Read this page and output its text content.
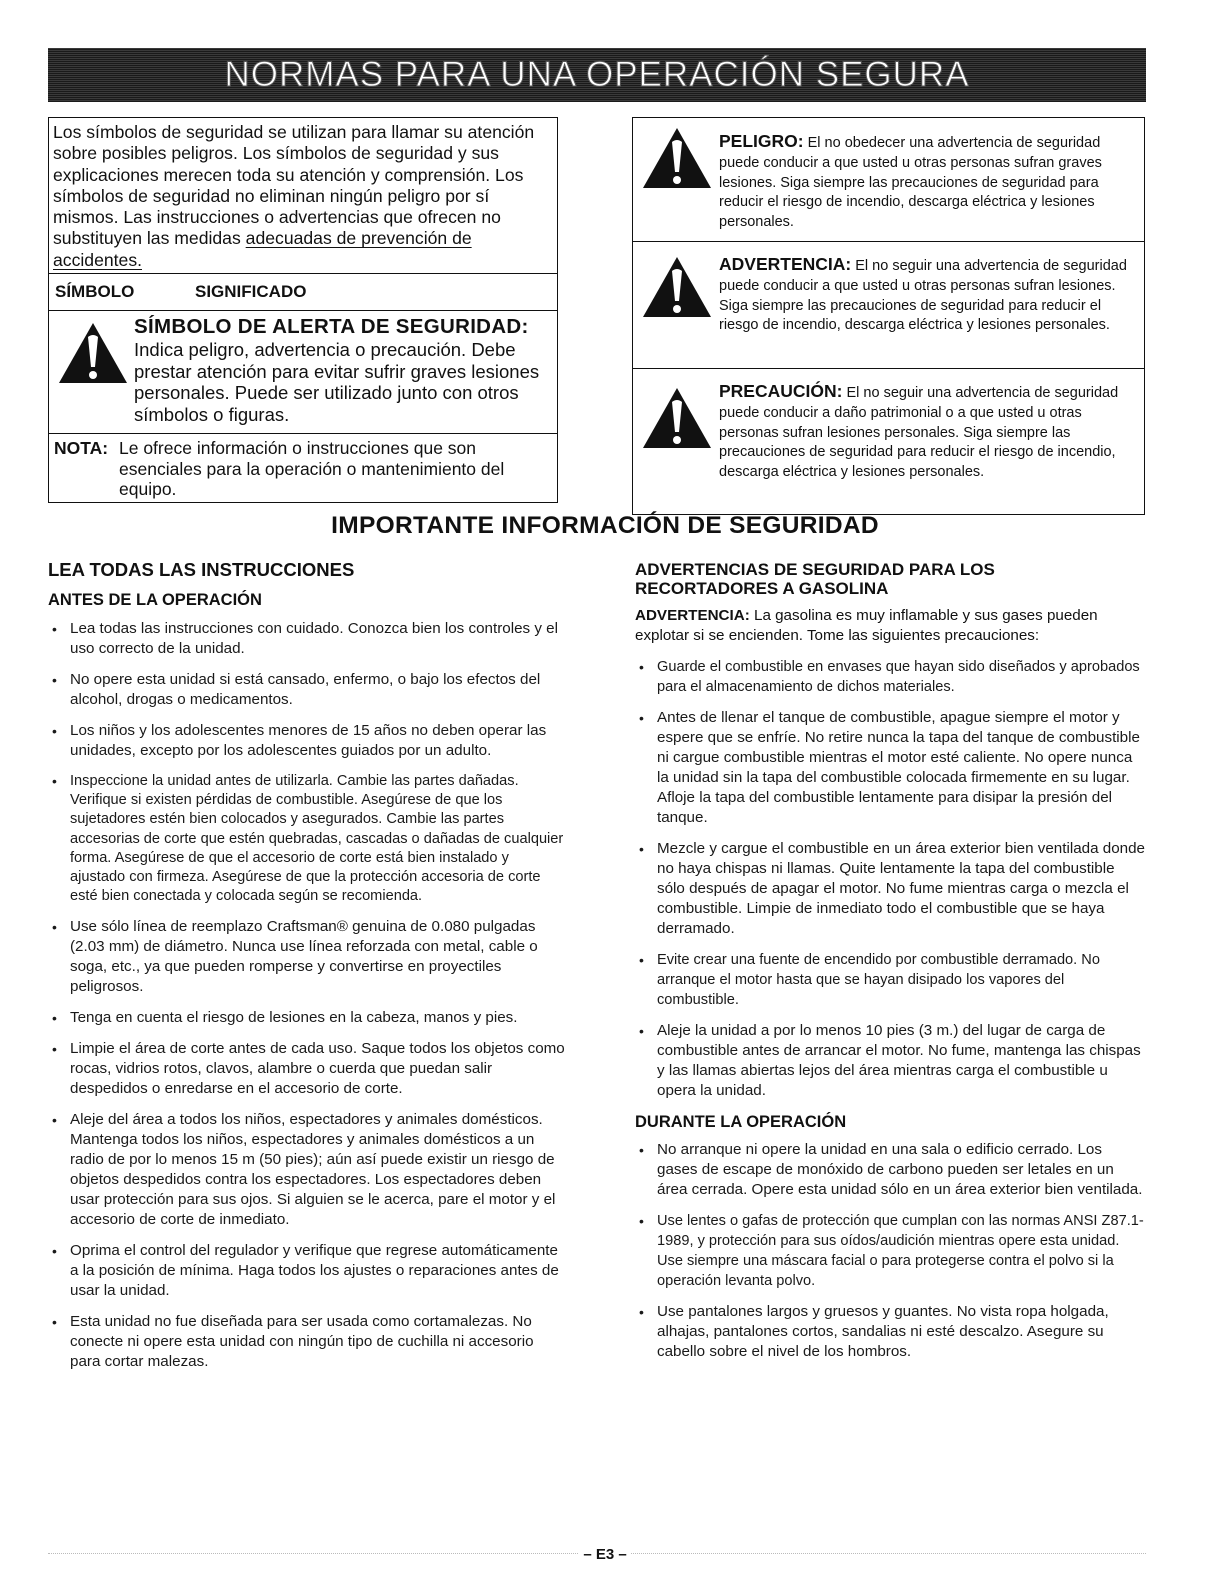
NORMAS PARA UNA OPERACIÓN SEGURA
Los símbolos de seguridad se utilizan para llamar su atención sobre posibles peligros. Los símbolos de seguridad y sus explicaciones merecen toda su atención y comprensión. Los símbolos de seguridad no eliminan ningún peligro por sí mismos. Las instrucciones o advertencias que ofrecen no substituyen las medidas adecuadas de prevención de accidentes.
SÍMBOLO	SIGNIFICADO
SÍMBOLO DE ALERTA DE SEGURIDAD:
Indica peligro, advertencia o precaución. Debe prestar atención para evitar sufrir graves lesiones personales. Puede ser utilizado junto con otros símbolos o figuras.
NOTA: Le ofrece información o instrucciones que son esenciales para la operación o mantenimiento del equipo.
PELIGRO: El no obedecer una advertencia de seguridad puede conducir a que usted u otras personas sufran graves lesiones. Siga siempre las precauciones de seguridad para reducir el riesgo de incendio, descarga eléctrica y lesiones personales.
ADVERTENCIA: El no seguir una advertencia de seguridad puede conducir a que usted u otras personas sufran lesiones. Siga siempre las precauciones de seguridad para reducir el riesgo de incendio, descarga eléctrica y lesiones personales.
PRECAUCIÓN: El no seguir una advertencia de seguridad puede conducir a daño patrimonial o a que usted u otras personas sufran lesiones personales. Siga siempre las precauciones de seguridad para reducir el riesgo de incendio, descarga eléctrica y lesiones personales.
IMPORTANTE INFORMACIÓN DE SEGURIDAD
LEA TODAS LAS INSTRUCCIONES
ANTES DE LA OPERACIÓN
• Lea todas las instrucciones con cuidado. Conozca bien los controles y el uso correcto de la unidad.
• No opere esta unidad si está cansado, enfermo, o bajo los efectos del alcohol, drogas o medicamentos.
• Los niños y los adolescentes menores de 15 años no deben operar las unidades, excepto por los adolescentes guiados por un adulto.
• Inspeccione la unidad antes de utilizarla. Cambie las partes dañadas. Verifique si existen pérdidas de combustible. Asegúrese de que los sujetadores estén bien colocados y asegurados. Cambie las partes accesorias de corte que estén quebradas, cascadas o dañadas de cualquier forma. Asegúrese de que el accesorio de corte está bien instalado y ajustado con firmeza. Asegúrese de que la protección accesoria de corte esté bien conectada y colocada según se recomienda.
• Use sólo línea de reemplazo Craftsman® genuina de 0.080 pulgadas (2.03 mm) de diámetro. Nunca use línea reforzada con metal, cable o soga, etc., ya que pueden romperse y convertirse en proyectiles peligrosos.
• Tenga en cuenta el riesgo de lesiones en la cabeza, manos y pies.
• Limpie el área de corte antes de cada uso. Saque todos los objetos como rocas, vidrios rotos, clavos, alambre o cuerda que puedan salir despedidos o enredarse en el accesorio de corte.
• Aleje del área a todos los niños, espectadores y animales domésticos. Mantenga todos los niños, espectadores y animales domésticos a un radio de por lo menos 15 m (50 pies); aún así puede existir un riesgo de objetos despedidos contra los espectadores. Los espectadores deben usar protección para sus ojos. Si alguien se le acerca, pare el motor y el accesorio de corte de inmediato.
• Oprima el control del regulador y verifique que regrese automáticamente a la posición de mínima. Haga todos los ajustes o reparaciones antes de usar la unidad.
• Esta unidad no fue diseñada para ser usada como cortamalezas. No conecte ni opere esta unidad con ningún tipo de cuchilla ni accesorio para cortar malezas.
ADVERTENCIAS DE SEGURIDAD PARA LOS RECORTADORES A GASOLINA

ADVERTENCIA: La gasolina es muy inflamable y sus gases pueden explotar si se encienden. Tome las siguientes precauciones:

• Guarde el combustible en envases que hayan sido diseñados y aprobados para el almacenamiento de dichos materiales.
• Antes de llenar el tanque de combustible, apague siempre el motor y espere que se enfríe. No retire nunca la tapa del tanque de combustible ni cargue combustible mientras el motor esté caliente. No opere nunca la unidad sin la tapa del combustible colocada firmemente en su lugar. Afloje la tapa del combustible lentamente para disipar la presión del tanque.
• Mezcle y cargue el combustible en un área exterior bien ventilada donde no haya chispas ni llamas. Quite lentamente la tapa del combustible sólo después de apagar el motor. No fume mientras carga o mezcla el combustible. Limpie de inmediato todo el combustible que se haya derramado.
• Evite crear una fuente de encendido por combustible derramado. No arranque el motor hasta que se hayan disipado los vapores del combustible.
• Aleje la unidad a por lo menos 10 pies (3 m.) del lugar de carga de combustible antes de arrancar el motor. No fume, mantenga las chispas y las llamas abiertas lejos del área mientras carga el combustible u opera la unidad.
DURANTE LA OPERACIÓN
• No arranque ni opere la unidad en una sala o edificio cerrado. Los gases de escape de monóxido de carbono pueden ser letales en un área cerrada. Opere esta unidad sólo en un área exterior bien ventilada.
• Use lentes o gafas de protección que cumplan con las normas ANSI Z87.1-1989, y protección para sus oídos/audición mientras opere esta unidad. Use siempre una máscara facial o para protegerse contra el polvo si la operación levanta polvo.
• Use pantalones largos y gruesos y guantes. No vista ropa holgada, alhajas, pantalones cortos, sandalias ni esté descalzo. Asegure su cabello sobre el nivel de los hombros.
– E3 –
